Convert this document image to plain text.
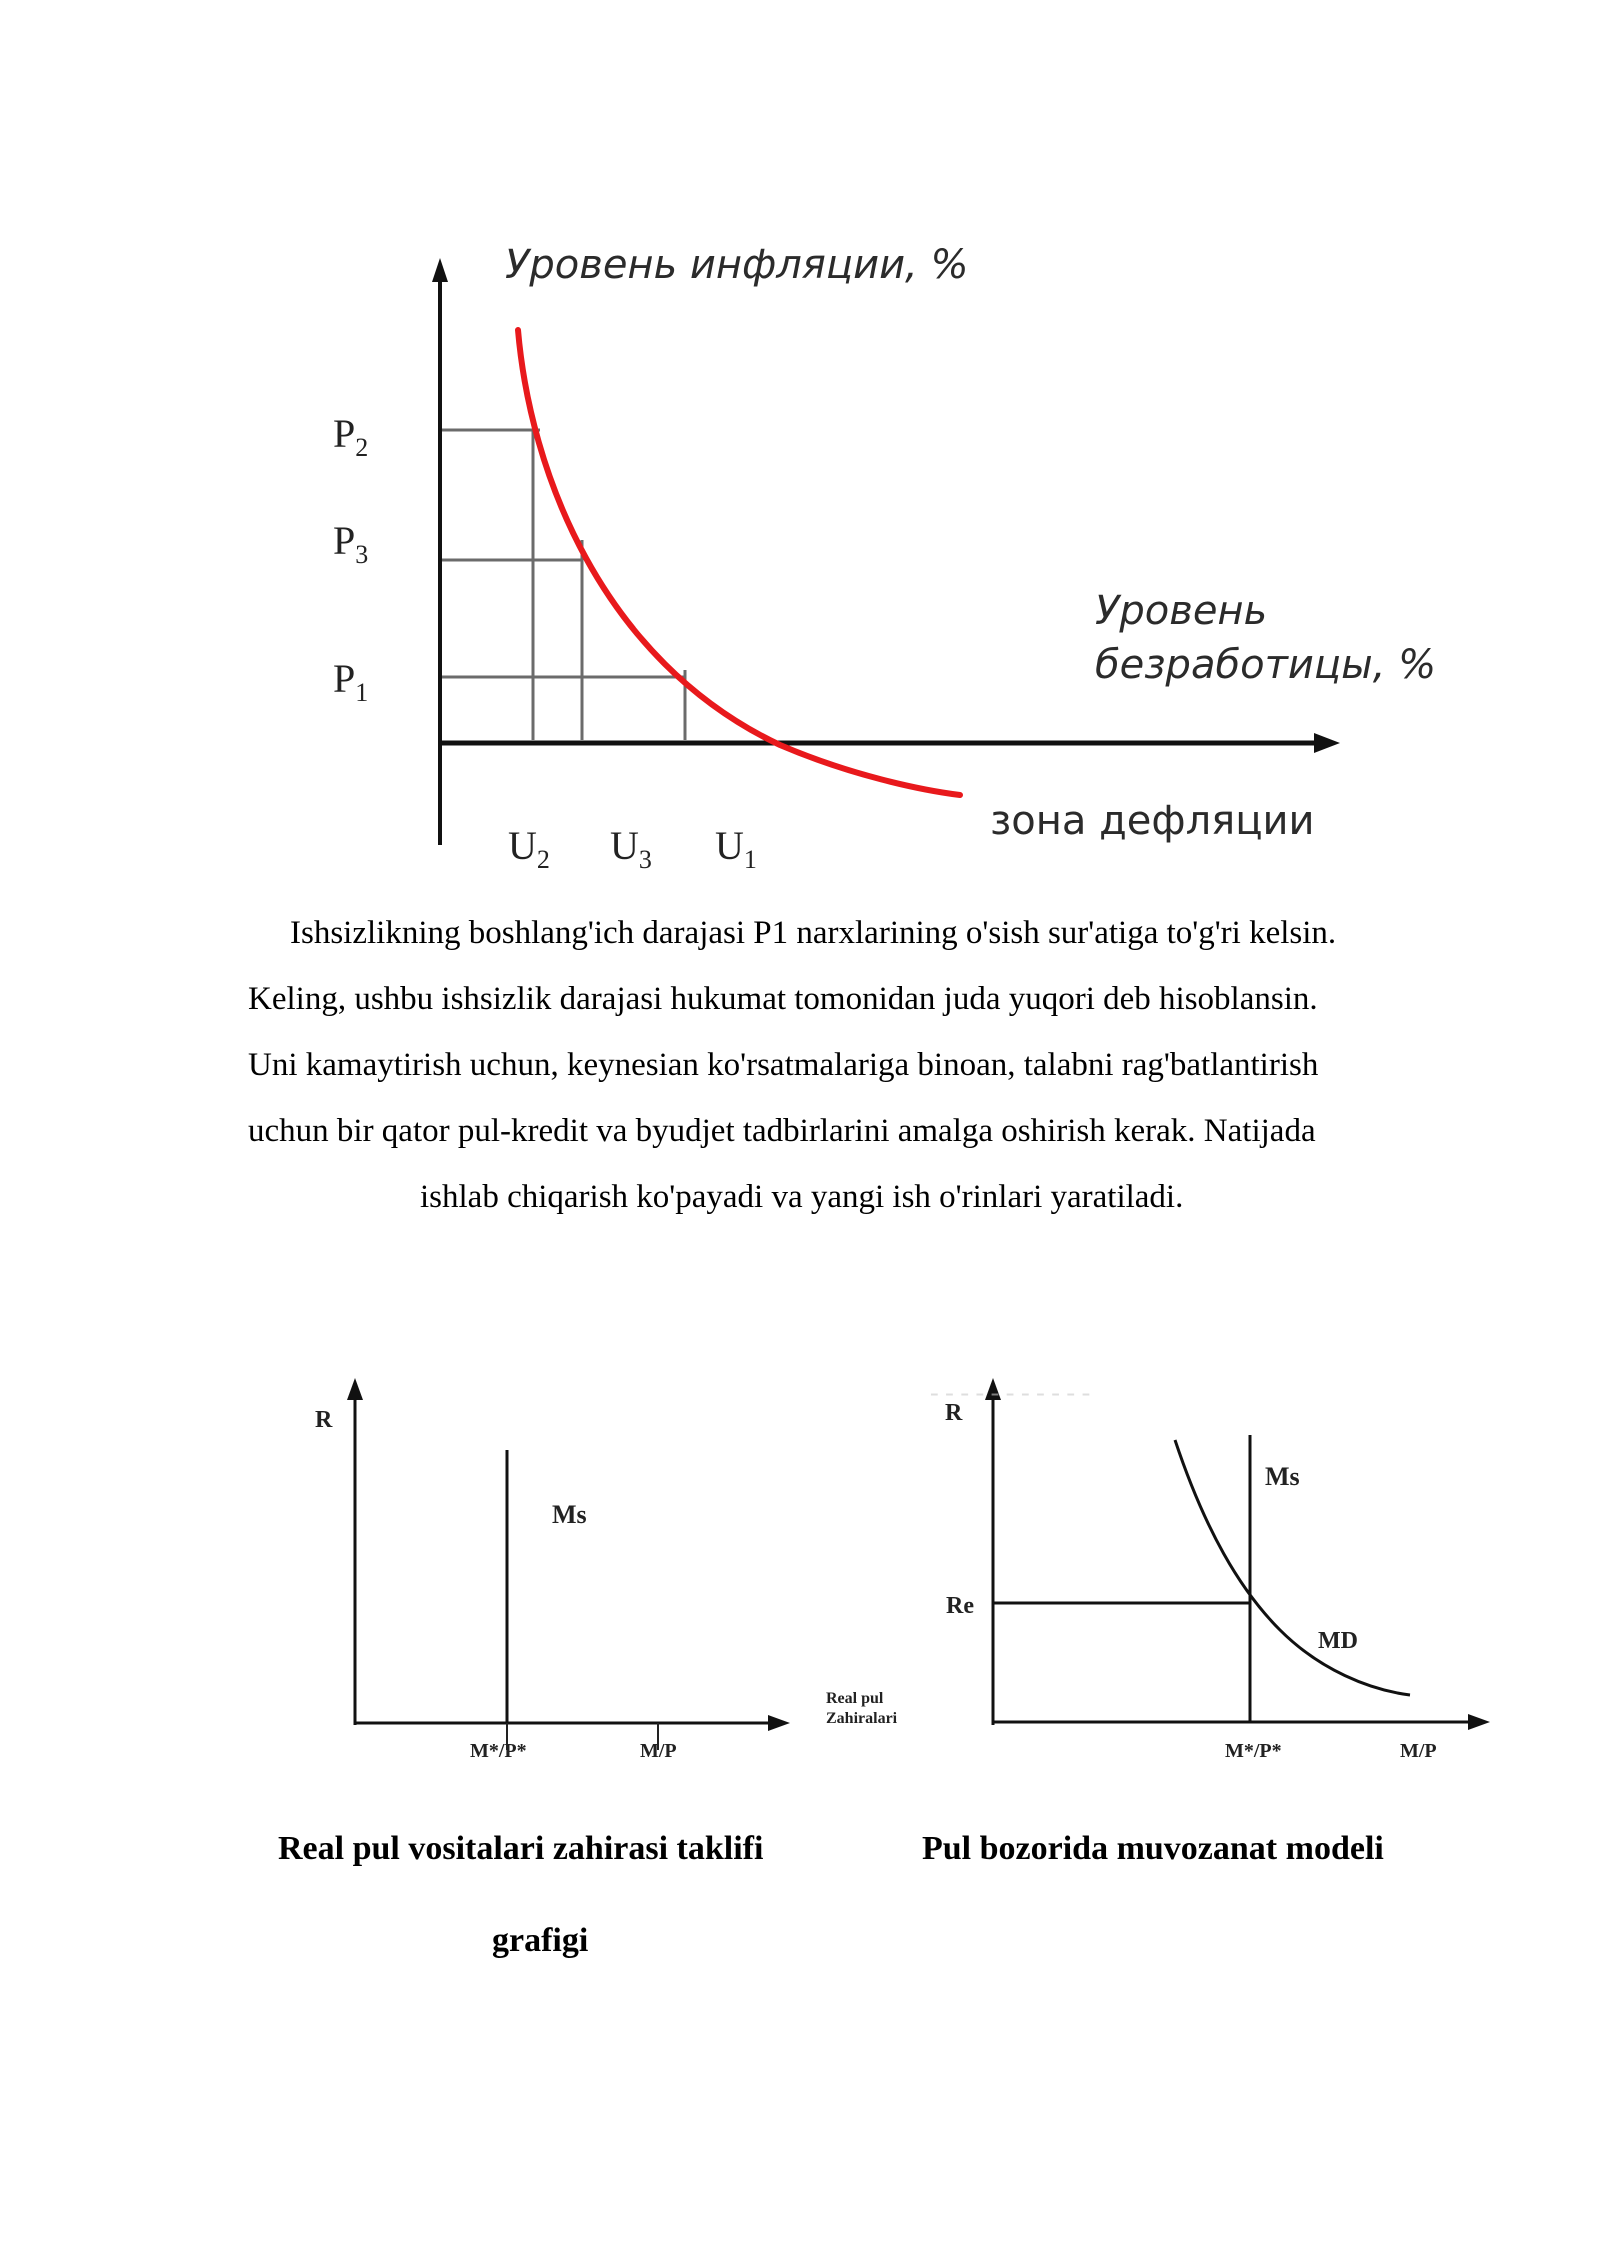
Уровень инфляции, %
Уровень
безработицы, %
зона дефляции
$P_2$
$P_3$
$P_1$
$U_2$ $U_3$ $U_1$
Ishsizlikning boshlang'ich darajasi P1 narxlarining o'sish sur'atiga to'g'ri kelsin.
Keling, ushbu ishsizlik darajasi hukumat tomonidan juda yuqori deb hisoblansin.
Uni kamaytirish uchun, keynesian ko'rsatmalariga binoan, talabni rag'batlantirish
uchun bir qator pul-kredit va byudjet tadbirlarini amalga oshirish kerak. Natijada
ishlab chiqarish ko'payadi va yangi ish o'rinlari yaratiladi.
- - - - - - - - - - -
R
Ms
M*/P*	M/P
Real pul
Zahiralari
R
Ms
MD
Re
M*/P*	M/P
Real pul vositalari zahirasi taklifi
grafigi
Pul bozorida muvozanat modeli
